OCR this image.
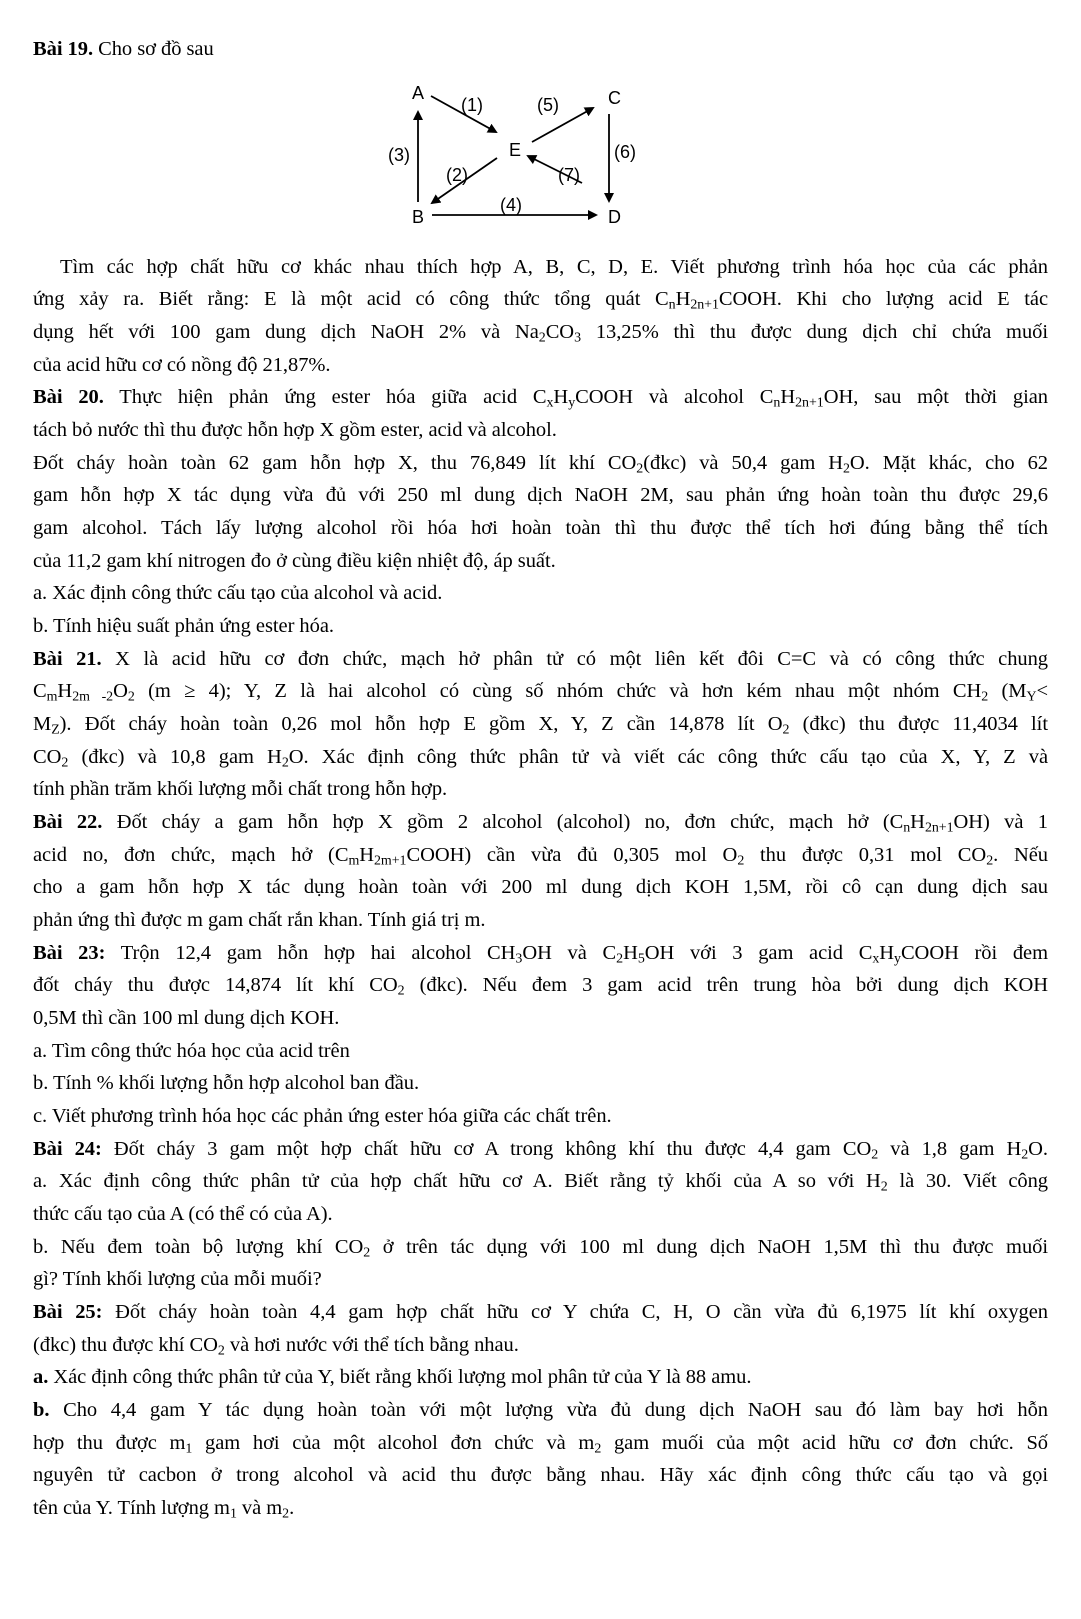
Bài 19. Cho sơ đồ sau
A
B
C
D
E
(1)	(5)
(3)
(2)	(7)
(6)
(4)
Tìm các hợp chất hữu cơ khác nhau thích hợp A, B, C, D, E. Viết phương trình hóa học của các phản
ứng xảy ra. Biết rằng: E là một acid có công thức tổng quát $C_nH_{2n+1}COOH$. Khi cho lượng acid E tác
dụng hết với 100 gam dung dịch NaOH 2% và $Na_2CO_3$ 13,25% thì thu được dung dịch chỉ chứa muối
của acid hữu cơ có nồng độ 21,87%.
Bài 20. Thực hiện phản ứng ester hóa giữa acid $C_xH_yCOOH$ và alcohol $C_nH_{2n+1}OH$, sau một thời gian
tách bỏ nước thì thu được hỗn hợp X gồm ester, acid và alcohol.
Đốt cháy hoàn toàn 62 gam hỗn hợp X, thu 76,849 lít khí $CO_2(đkc)$ và 50,4 gam $H_2O$. Mặt khác, cho 62
gam hỗn hợp X tác dụng vừa đủ với 250 ml dung dịch NaOH 2M, sau phản ứng hoàn toàn thu được 29,6
gam alcohol. Tách lấy lượng alcohol rồi hóa hơi hoàn toàn thì thu được thể tích hơi đúng bằng thể tích
của 11,2 gam khí nitrogen đo ở cùng điều kiện nhiệt độ, áp suất.
a. Xác định công thức cấu tạo của alcohol và acid.
b. Tính hiệu suất phản ứng ester hóa.
Bài 21. X là acid hữu cơ đơn chức, mạch hở phân tử có một liên kết đôi C=C và có công thức chung
$C_mH_{2m -2}O_2$ (m ≥ 4); Y, Z là hai alcohol có cùng số nhóm chức và hơn kém nhau một nhóm $CH_2$ ($M_Y<$
$M_Z$). Đốt cháy hoàn toàn 0,26 mol hỗn hợp E gồm X, Y, Z cần 14,878 lít $O_2$ (đkc) thu được 11,4034 lít
$CO_2$ (đkc) và 10,8 gam $H_2O$. Xác định công thức phân tử và viết các công thức cấu tạo của X, Y, Z và
tính phần trăm khối lượng mỗi chất trong hỗn hợp.
Bài 22. Đốt cháy a gam hỗn hợp X gồm 2 alcohol (alcohol) no, đơn chức, mạch hở $(C_nH_{2n+1}OH)$ và 1
acid no, đơn chức, mạch hở $(C_mH_{2m+1}COOH)$ cần vừa đủ 0,305 mol $O_2$ thu được 0,31 mol $CO_2$. Nếu
cho a gam hỗn hợp X tác dụng hoàn toàn với 200 ml dung dịch KOH 1,5M, rồi cô cạn dung dịch sau
phản ứng thì được m gam chất rắn khan. Tính giá trị m.
Bài 23: Trộn 12,4 gam hỗn hợp hai alcohol $CH_3OH$ và $C_2H_5OH$ với 3 gam acid $C_xH_yCOOH$ rồi đem
đốt cháy thu được 14,874 lít khí $CO_2$ (đkc). Nếu đem 3 gam acid trên trung hòa bởi dung dịch KOH
0,5M thì cần 100 ml dung dịch KOH.
a. Tìm công thức hóa học của acid trên
b. Tính % khối lượng hỗn hợp alcohol ban đầu.
c. Viết phương trình hóa học các phản ứng ester hóa giữa các chất trên.
Bài 24: Đốt cháy 3 gam một hợp chất hữu cơ A trong không khí thu được 4,4 gam $CO_2$ và 1,8 gam $H_2O$.
a. Xác định công thức phân tử của hợp chất hữu cơ A. Biết rằng tỷ khối của A so với $H_2$ là 30. Viết công
thức cấu tạo của A (có thể có của A).
b. Nếu đem toàn bộ lượng khí $CO_2$ ở trên tác dụng với 100 ml dung dịch NaOH 1,5M thì thu được muối
gì? Tính khối lượng của mỗi muối?
Bài 25: Đốt cháy hoàn toàn 4,4 gam hợp chất hữu cơ Y chứa C, H, O cần vừa đủ 6,1975 lít khí oxygen
(đkc) thu được khí $CO_2$ và hơi nước với thể tích bằng nhau.
a. Xác định công thức phân tử của Y, biết rằng khối lượng mol phân tử của Y là 88 amu.
b. Cho 4,4 gam Y tác dụng hoàn toàn với một lượng vừa đủ dung dịch NaOH sau đó làm bay hơi hỗn
hợp thu được $m_1$ gam hơi của một alcohol đơn chức và $m_2$ gam muối của một acid hữu cơ đơn chức. Số
nguyên tử cacbon ở trong alcohol và acid thu được bằng nhau. Hãy xác định công thức cấu tạo và gọi
tên của Y. Tính lượng $m_1$ và $m_2$.
